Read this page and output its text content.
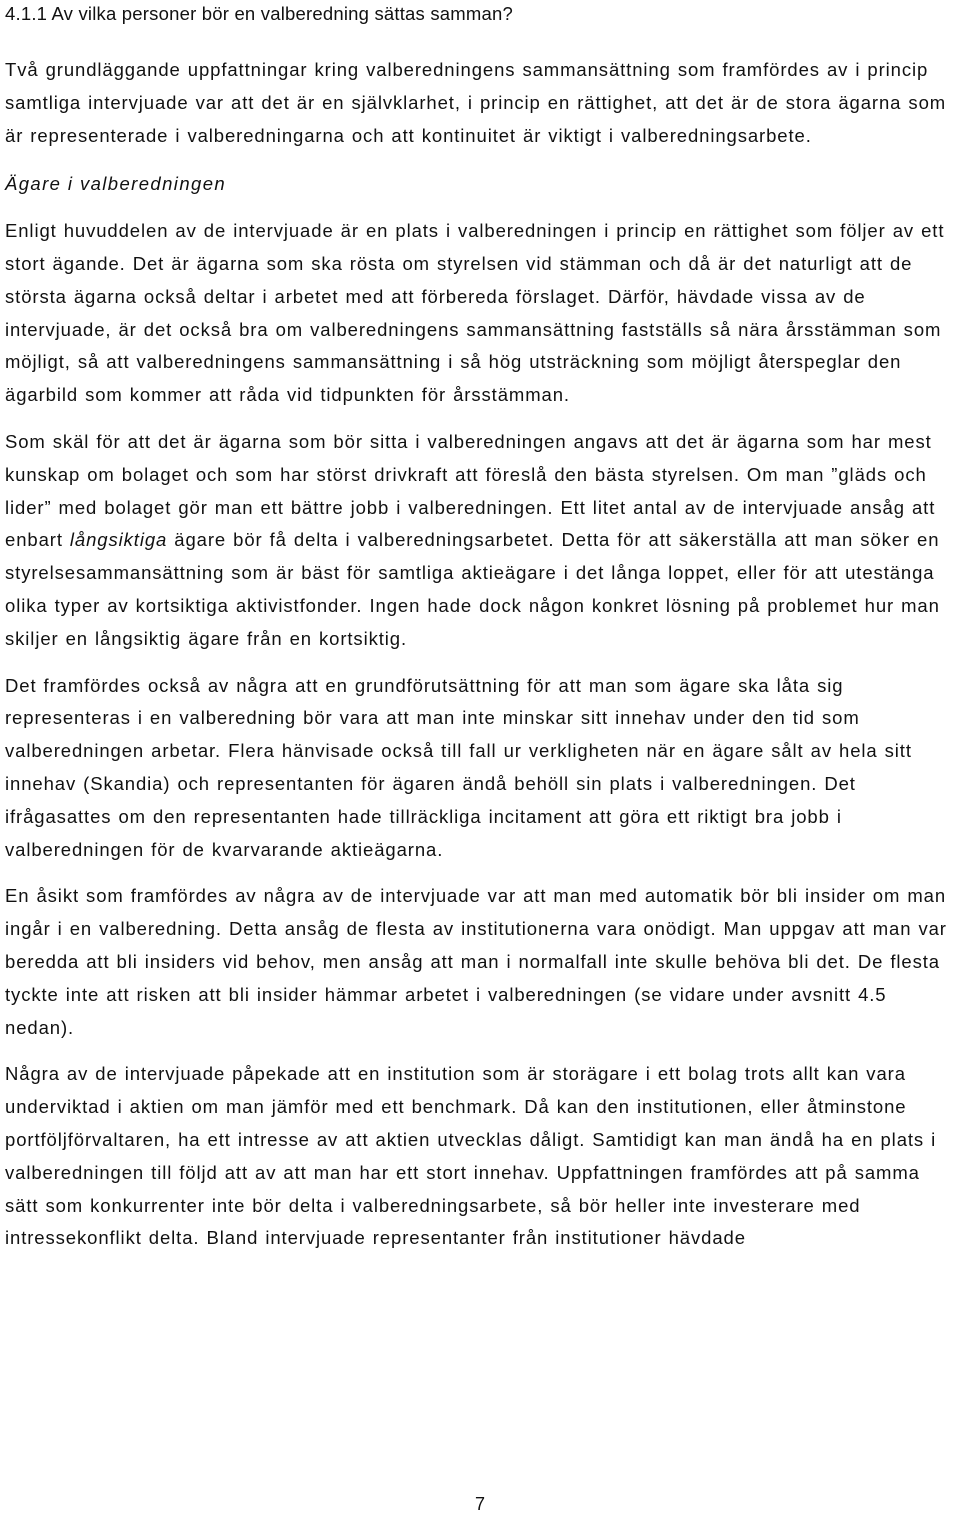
4.1.1 Av vilka personer bör en valberedning sättas samman?

Två grundläggande uppfattningar kring valberedningens sammansättning som framfördes av i princip samtliga intervjuade var att det är en självklarhet, i princip en rättighet, att det är de stora ägarna som är representerade i valberedningarna och att kontinuitet är viktigt i valberedningsarbete.

Ägare i valberedningen

Enligt huvuddelen av de intervjuade är en plats i valberedningen i princip en rättighet som följer av ett stort ägande. Det är ägarna som ska rösta om styrelsen vid stämman och då är det naturligt att de största ägarna också deltar i arbetet med att förbereda förslaget. Därför, hävdade vissa av de intervjuade, är det också bra om valberedningens sammansättning fastställs så nära årsstämman som möjligt, så att valberedningens sammansättning i så hög utsträckning som möjligt återspeglar den ägarbild som kommer att råda vid tidpunkten för årsstämman.

Som skäl för att det är ägarna som bör sitta i valberedningen angavs att det är ägarna som har mest kunskap om bolaget och som har störst drivkraft att föreslå den bästa styrelsen. Om man ”gläds och lider” med bolaget gör man ett bättre jobb i valberedningen. Ett litet antal av de intervjuade ansåg att enbart långsiktiga ägare bör få delta i valberedningsarbetet. Detta för att säkerställa att man söker en styrelsesammansättning som är bäst för samtliga aktieägare i det långa loppet, eller för att utestänga olika typer av kortsiktiga aktivistfonder. Ingen hade dock någon konkret lösning på problemet hur man skiljer en långsiktig ägare från en kortsiktig.

Det framfördes också av några att en grundförutsättning för att man som ägare ska låta sig representeras i en valberedning bör vara att man inte minskar sitt innehav under den tid som valberedningen arbetar. Flera hänvisade också till fall ur verkligheten när en ägare sålt av hela sitt innehav (Skandia) och representanten för ägaren ändå behöll sin plats i valberedningen. Det ifrågasattes om den representanten hade tillräckliga incitament att göra ett riktigt bra jobb i valberedningen för de kvarvarande aktieägarna.

En åsikt som framfördes av några av de intervjuade var att man med automatik bör bli insider om man ingår i en valberedning. Detta ansåg de flesta av institutionerna vara onödigt. Man uppgav att man var beredda att bli insiders vid behov, men ansåg att man i normalfall inte skulle behöva bli det. De flesta tyckte inte att risken att bli insider hämmar arbetet i valberedningen (se vidare under avsnitt 4.5 nedan).

Några av de intervjuade påpekade att en institution som är storägare i ett bolag trots allt kan vara underviktad i aktien om man jämför med ett benchmark. Då kan den institutionen, eller åtminstone portföljförvaltaren, ha ett intresse av att aktien utvecklas dåligt. Samtidigt kan man ändå ha en plats i valberedningen till följd att av att man har ett stort innehav. Uppfattningen framfördes att på samma sätt som konkurrenter inte bör delta i valberedningsarbete, så bör heller inte investerare med intressekonflikt delta. Bland intervjuade representanter från institutioner hävdade

7
